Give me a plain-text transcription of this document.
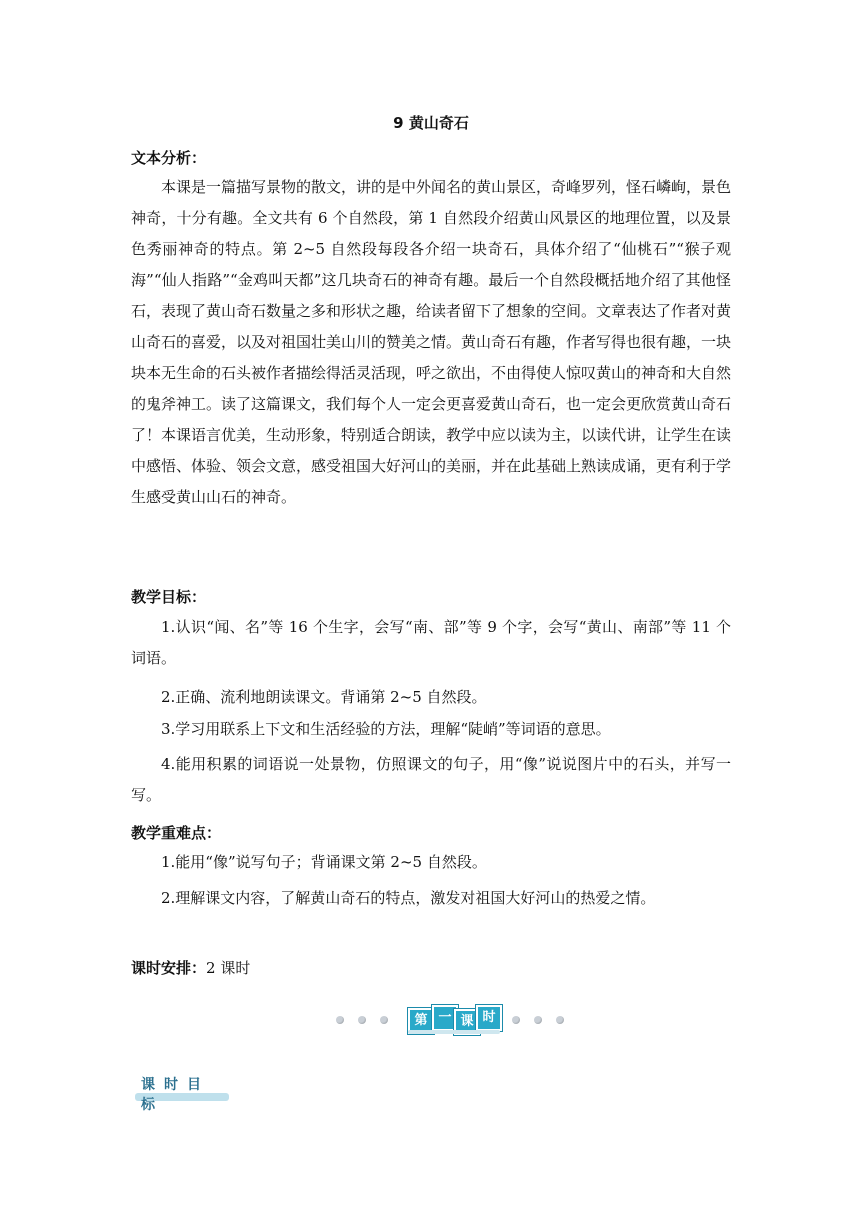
9 黄山奇石
文本分析：

本课是一篇描写景物的散文，讲的是中外闻名的黄山景区，奇峰罗列，怪石嶙峋，景色神奇，十分有趣。全文共有 6 个自然段，第 1 自然段介绍黄山风景区的地理位置，以及景色秀丽神奇的特点。第 2~5 自然段每段各介绍一块奇石，具体介绍了“仙桃石”“猴子观海”“仙人指路”“金鸡叫天都”这几块奇石的神奇有趣。最后一个自然段概括地介绍了其他怪石，表现了黄山奇石数量之多和形状之趣，给读者留下了想象的空间。文章表达了作者对黄山奇石的喜爱，以及对祖国壮美山川的赞美之情。黄山奇石有趣，作者写得也很有趣，一块块本无生命的石头被作者描绘得活灵活现，呼之欲出，不由得使人惊叹黄山的神奇和大自然的鬼斧神工。读了这篇课文，我们每个人一定会更喜爱黄山奇石，也一定会更欣赏黄山奇石了！本课语言优美，生动形象，特别适合朗读，教学中应以读为主，以读代讲，让学生在读中感悟、体验、领会文意，感受祖国大好河山的美丽，并在此基础上熟读成诵，更有利于学生感受黄山山石的神奇。

教学目标：

1.认识“闻、名”等 16 个生字，会写“南、部”等 9 个字，会写“黄山、南部”等 11 个词语。

2.正确、流利地朗读课文。背诵第 2~5 自然段。

3.学习用联系上下文和生活经验的方法，理解“陡峭”等词语的意思。

4.能用积累的词语说一处景物，仿照课文的句子，用“像”说说图片中的石头，并写一写。

教学重难点：

1.能用“像”说写句子；背诵课文第 2~5 自然段。

2.理解课文内容，了解黄山奇石的特点，激发对祖国大好河山的热爱之情。

课时安排：2 课时

第 一 课 时
课时目标
